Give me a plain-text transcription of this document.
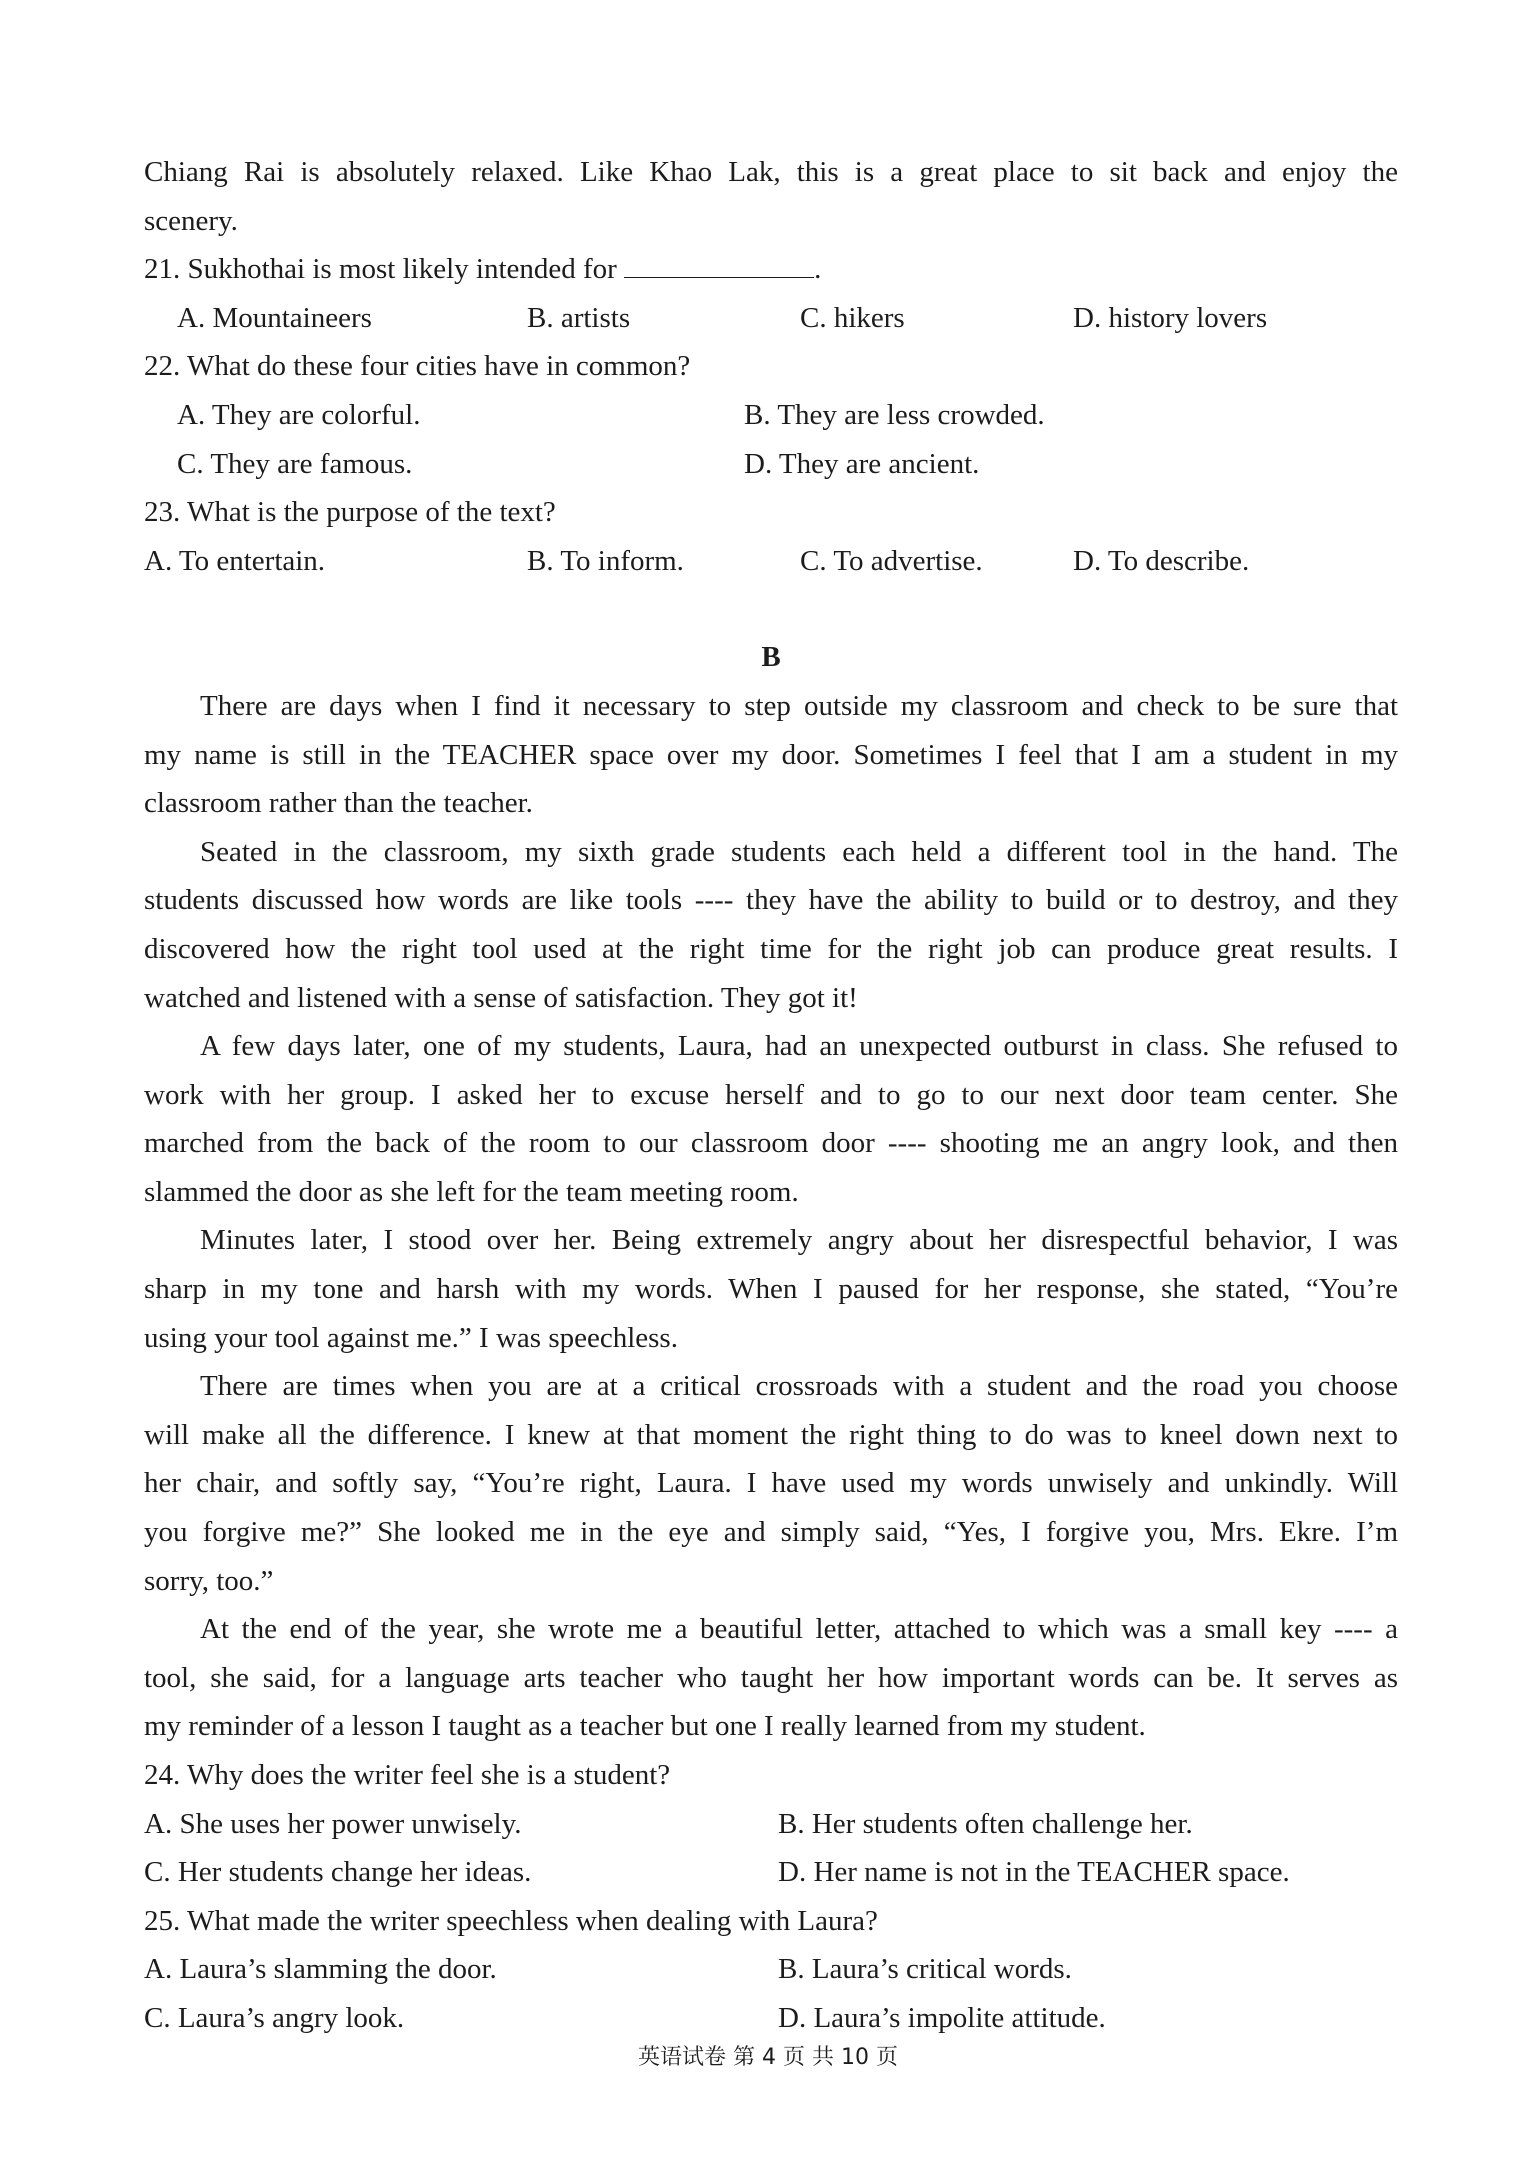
Chiang Rai is absolutely relaxed. Like Khao Lak, this is a great place to sit back and enjoy the
scenery.
21. Sukhothai is most likely intended for	.
A. Mountaineers	B. artists	C. hikers	D. history lovers
22. What do these four cities have in common?
A. They are colorful.	B. They are less crowded.
C. They are famous.	D. They are ancient.
23. What is the purpose of the text?
A. To entertain.	B. To inform.	C. To advertise.	D. To describe.
B
There are days when I find it necessary to step outside my classroom and check to be sure that
my name is still in the TEACHER space over my door. Sometimes I feel that I am a student in my
classroom rather than the teacher.
Seated in the classroom, my sixth grade students each held a different tool in the hand. The
students discussed how words are like tools ---- they have the ability to build or to destroy, and they
discovered how the right tool used at the right time for the right job can produce great results. I
watched and listened with a sense of satisfaction. They got it!
A few days later, one of my students, Laura, had an unexpected outburst in class. She refused to
work with her group. I asked her to excuse herself and to go to our next door team center. She
marched from the back of the room to our classroom door ---- shooting me an angry look, and then
slammed the door as she left for the team meeting room.
Minutes later, I stood over her. Being extremely angry about her disrespectful behavior, I was
sharp in my tone and harsh with my words. When I paused for her response, she stated, “You’re
using your tool against me.” I was speechless.
There are times when you are at a critical crossroads with a student and the road you choose
will make all the difference. I knew at that moment the right thing to do was to kneel down next to
her chair, and softly say, “You’re right, Laura. I have used my words unwisely and unkindly. Will
you forgive me?” She looked me in the eye and simply said, “Yes, I forgive you, Mrs. Ekre. I’m
sorry, too.”
At the end of the year, she wrote me a beautiful letter, attached to which was a small key ---- a
tool, she said, for a language arts teacher who taught her how important words can be. It serves as
my reminder of a lesson I taught as a teacher but one I really learned from my student.
24. Why does the writer feel she is a student?
A. She uses her power unwisely.	B. Her students often challenge her.
C. Her students change her ideas.	D. Her name is not in the TEACHER space.
25. What made the writer speechless when dealing with Laura?
A. Laura’s slamming the door.	B. Laura’s critical words.
C. Laura’s angry look.	D. Laura’s impolite attitude.
英语试卷 第 4 页 共 10 页
